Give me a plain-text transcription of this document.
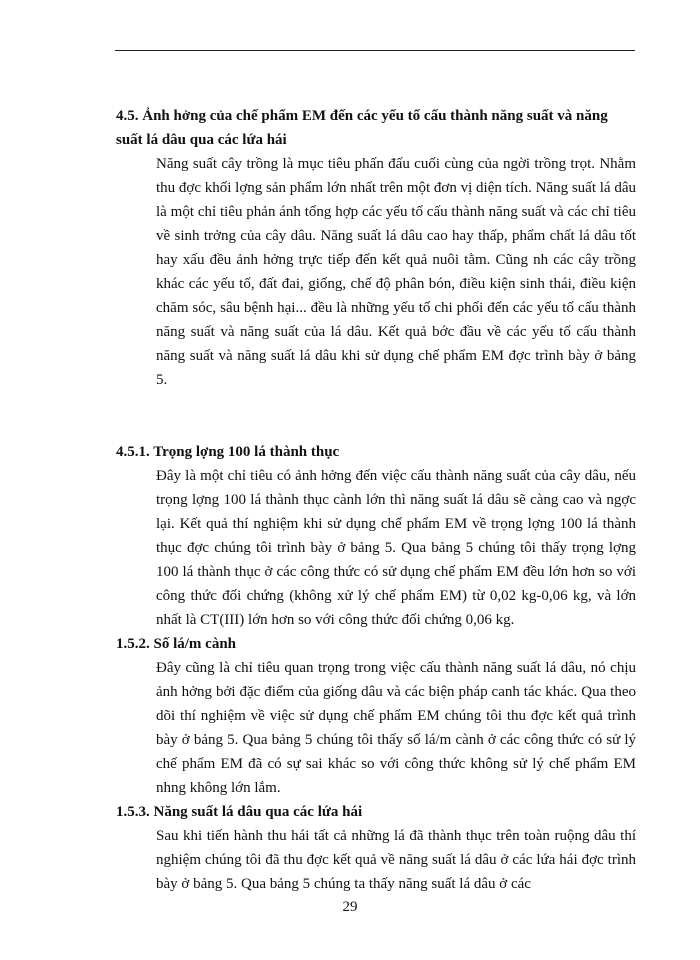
4.5. Ảnh hởng của chế phẩm EM đến các yếu tố cấu thành năng suất và năng suất lá dâu qua các lứa hái

Năng suất cây trồng là mục tiêu phấn đấu cuối cùng của ngời trồng trọt. Nhằm thu đợc khối lợng sản phẩm lớn nhất trên một đơn vị diện tích. Năng suất lá dâu là một chỉ tiêu phản ánh tổng hợp các yếu tố cấu thành năng suất và các chỉ tiêu về sinh trởng của cây dâu. Năng suất lá dâu cao hay thấp, phẩm chất lá dâu tốt hay xấu đều ảnh hởng trực tiếp đến kết quả nuôi tằm. Cũng nh các cây trồng khác các yếu tố, đất đai, giống, chế độ phân bón, điều kiện sinh thái, điều kiện chăm sóc, sâu bệnh hại... đều là những yếu tố chi phối đến các yếu tố cấu thành năng suất và năng suất của lá dâu. Kết quả bớc đầu về các yếu tố cấu thành năng suất và năng suất lá dâu khi sử dụng chế phẩm EM đợc trình bày ở bảng 5.

4.5.1. Trọng lợng 100 lá thành thục

Đây là một chỉ tiêu có ảnh hởng đến việc cấu thành năng suất của cây dâu, nếu trọng lợng 100 lá thành thục cành lớn thì năng suất lá dâu sẽ càng cao và ngợc lại. Kết quả thí nghiệm khi sử dụng chế phẩm EM về trọng lợng 100 lá thành thục đợc chúng tôi trình bày ở bảng 5. Qua bảng 5 chúng tôi thấy trọng lợng 100 lá thành thục ở các công thức có sử dụng chế phẩm EM đều lớn hơn so với công thức đối chứng (không xử lý chế phẩm EM) từ 0,02 kg-0,06 kg, và lớn nhất là CT(III) lớn hơn so với công thức đối chứng 0,06 kg.

1.5.2. Số lá/m cành

Đây cũng là chỉ tiêu quan trọng trong việc cấu thành năng suất lá dâu, nó chịu ảnh hởng bởi đặc điểm của giống dâu và các biện pháp canh tác khác. Qua theo dõi thí nghiệm về việc sử dụng chế phẩm EM chúng tôi thu đợc kết quả trình bày ở bảng 5. Qua bảng 5 chúng tôi thấy số lá/m cành ở các công thức có sử lý chế phẩm EM đã có sự sai khác so với công thức không sử lý chế phẩm EM nhng không lớn lắm.

1.5.3. Năng suất lá dâu qua các lứa hái

Sau khi tiến hành thu hái tất cả những lá đã thành thục trên toàn ruộng dâu thí nghiệm chúng tôi đã thu đợc kết quả về năng suất lá dâu ở các lứa hái đợc trình bày ở bảng 5. Qua bảng 5 chúng ta thấy năng suất lá dâu ở các

29
